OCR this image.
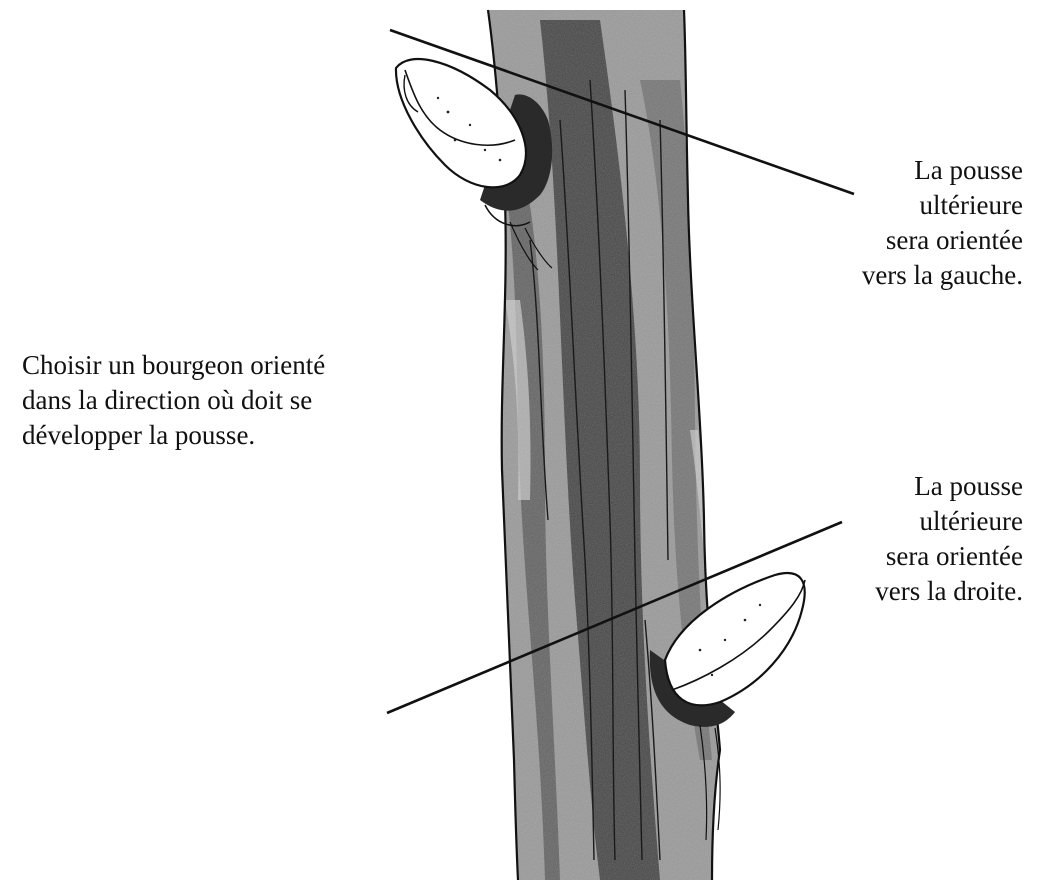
La pousse
ultérieure
sera orientée
vers la gauche.
Choisir un bourgeon orienté
dans la direction où doit se
développer la pousse.
La pousse
ultérieure
sera orientée
vers la droite.
